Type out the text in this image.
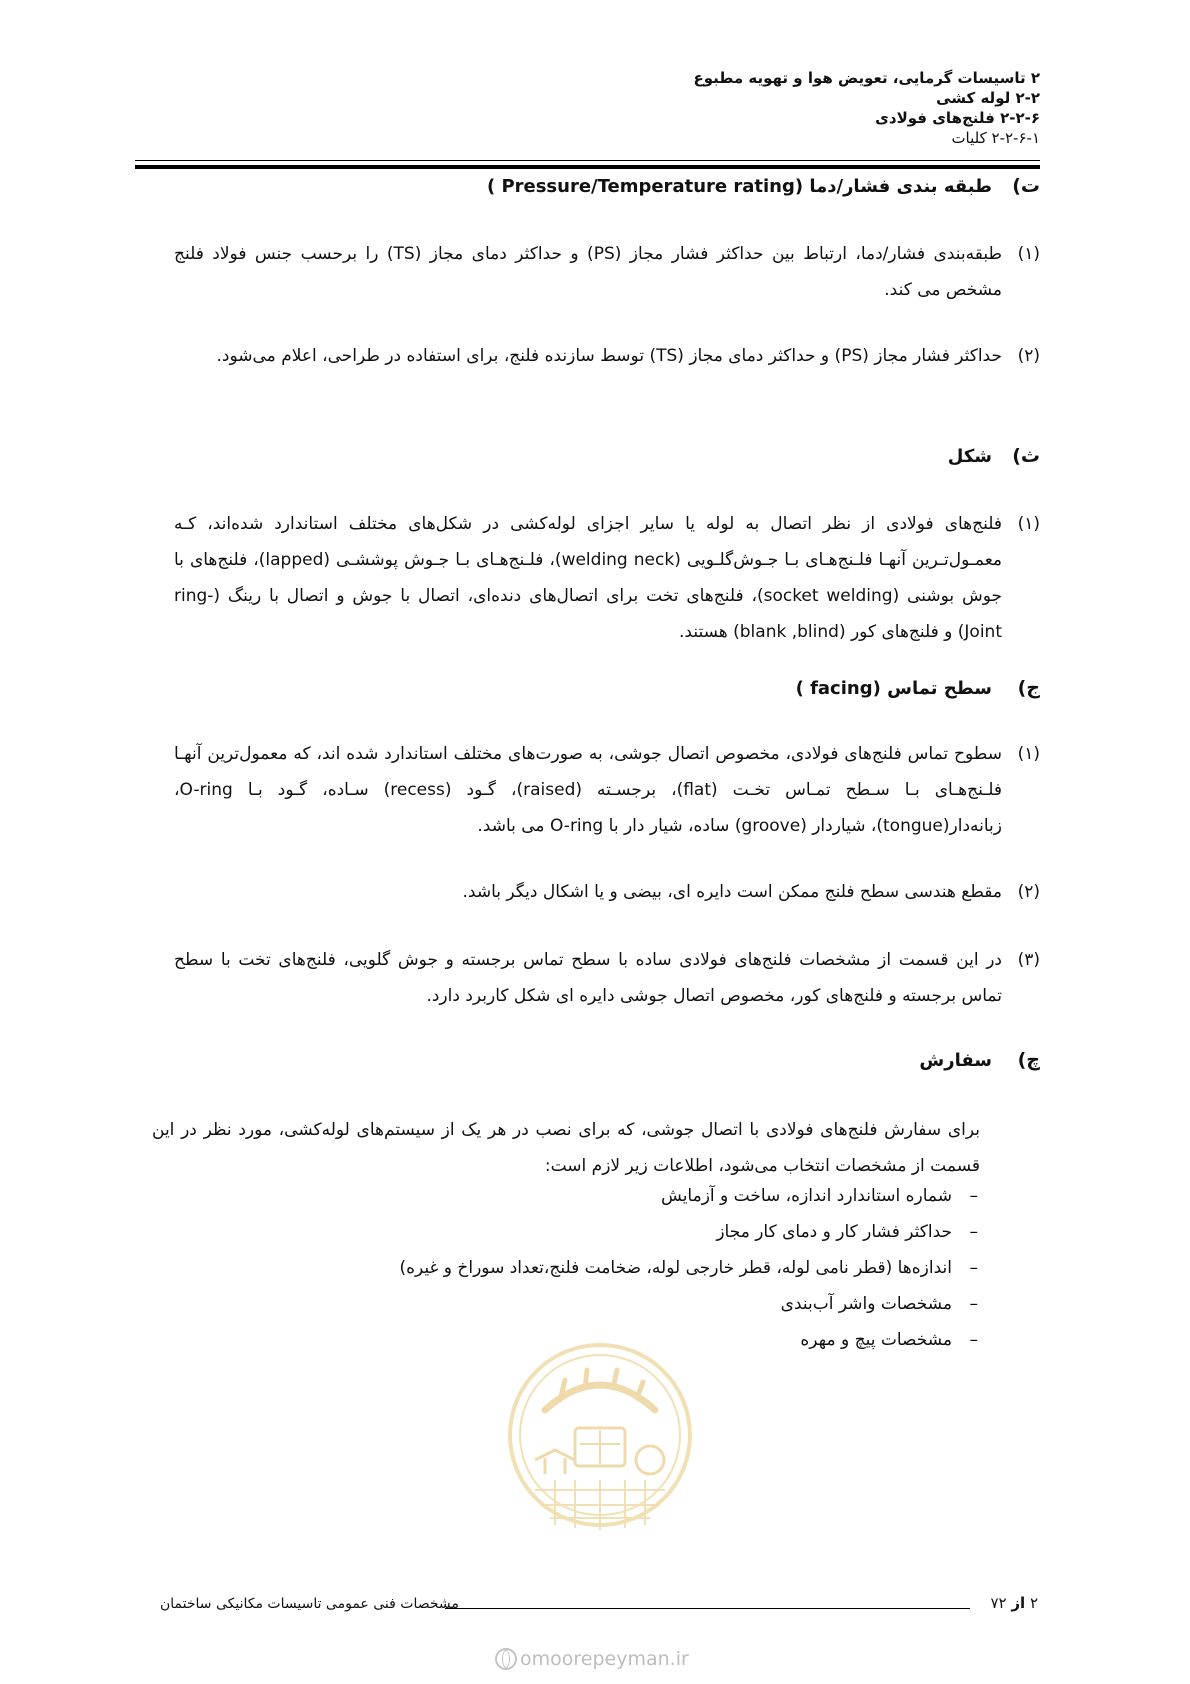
۲ تاسیسات گرمایی، تعویض هوا و تهویه مطبوع
۲-۲ لوله کشی
۲-۲-۶ فلنج‌های فولادی
۲-۲-۶-۱ کلیات
ت)
طبقه بندی فشار/دما (Pressure/Temperature rating )
(۱)
طبقه‌بندی فشار/دما، ارتباط بین حداکثر فشار مجاز (PS) و حداکثر دمای مجاز (TS) را برحسب جنس فولاد فلنج مشخص می کند.
(۲)
حداکثر فشار مجاز (PS) و حداکثر دمای مجاز (TS) توسط سازنده فلنج، برای استفاده در طراحی، اعلام می‌شود.
ث)
شکل
(۱)
فلنج‌های فولادی از نظر اتصال به لوله یا سایر اجزای لوله‌کشی در شکل‌های مختلف استاندارد شده‌اند، کـه معمـول‌تـرین آنهـا فلـنج‌هـای بـا جـوش‌گلـویی (welding neck)، فلـنج‌هـای بـا جـوش پوششـی (lapped)، فلنج‌های با جوش بوشنی (socket welding)، فلنج‌های تخت برای اتصال‌های دنده‌ای، اتصال با جوش و اتصال با رینگ (ring-Joint) و فلنج‌های کور (blank ,blind) هستند.
ج)
سطح تماس (facing )
(۱)
سطوح تماس فلنج‌های فولادی، مخصوص اتصال جوشی، به صورت‌های مختلف استاندارد شده اند، که معمول‌ترین آنهـا فلـنج‌هـای بـا سـطح تمـاس تخـت (flat)، برجسـته (raised)، گـود (recess) سـاده، گـود بـا O-ring، زبانه‌دار(tongue)، شیاردار (groove) ساده، شیار دار با O-ring می باشد.
(۲)
مقطع هندسی سطح فلنج ممکن است دایره ای، بیضی و یا اشکال دیگر باشد.
(۳)
در این قسمت از مشخصات فلنج‌های فولادی ساده با سطح تماس برجسته و جوش گلویی، فلنج‌های تخت با سطح تماس برجسته و فلنج‌های کور، مخصوص اتصال جوشی دایره ای شکل کاربرد دارد.
چ)
سفارش
برای سفارش فلنج‌های فولادی با اتصال جوشی، که برای نصب در هر یک از سیستم‌های لوله‌کشی، مورد نظر در این قسمت از مشخصات انتخاب می‌شود، اطلاعات زیر لازم است:
–
شماره استاندارد اندازه، ساخت و آزمایش
–
حداکثر فشار کار و دمای کار مجاز
–
اندازه‌ها (قطر نامی لوله، قطر خارجی لوله، ضخامت فلنج،تعداد سوراخ و غیره)
–
مشخصات واشر آب‌بندی
–
مشخصات پیچ و مهره
مشخصات فنی عمومی تاسیسات مکانیکی ساختمان	۲ از ۷۲
omoorepeyman.ir
